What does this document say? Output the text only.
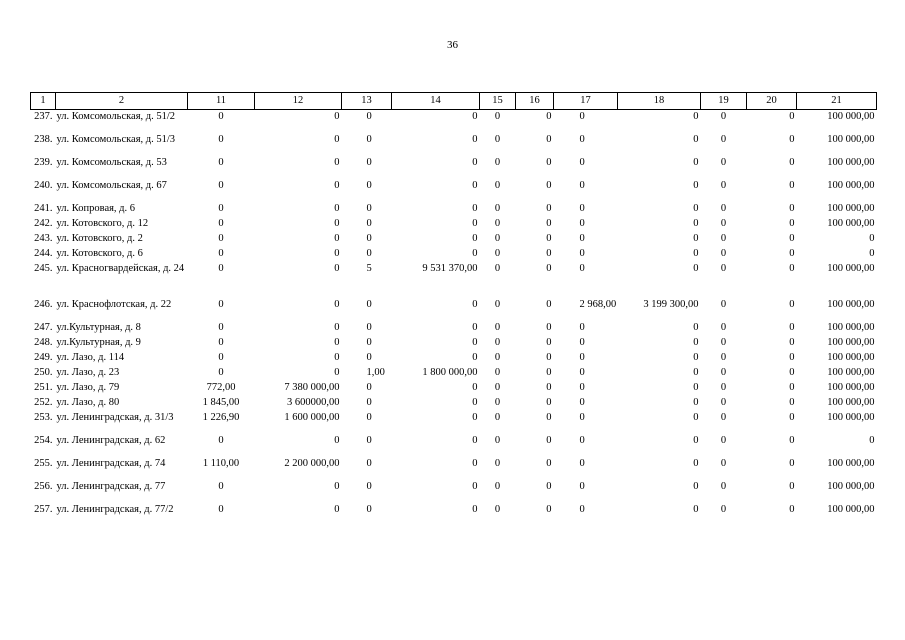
36
1	2	11	12	13	14	15	16	17	18	19	20	21
237.	ул. Комсомольская, д. 51/2	0	0	0	0	0	0	0	0	0	0	100 000,00
238.	ул. Комсомольская, д. 51/3	0	0	0	0	0	0	0	0	0	0	100 000,00
239.	ул. Комсомольская, д. 53	0	0	0	0	0	0	0	0	0	0	100 000,00
240.	ул. Комсомольская, д. 67	0	0	0	0	0	0	0	0	0	0	100 000,00
241.	ул. Копровая, д. 6	0	0	0	0	0	0	0	0	0	0	100 000,00
242.	ул. Котовского, д. 12	0	0	0	0	0	0	0	0	0	0	100 000,00
243.	ул. Котовского, д. 2	0	0	0	0	0	0	0	0	0	0	0
244.	ул. Котовского, д. 6	0	0	0	0	0	0	0	0	0	0	0
245.	ул. Красногвардейская, д. 24	0	0	5	9 531 370,00	0	0	0	0	0	0	100 000,00
246.	ул. Краснофлотская, д. 22	0	0	0	0	0	0	2 968,00	3 199 300,00	0	0	100 000,00
247.	ул.Культурная, д. 8	0	0	0	0	0	0	0	0	0	0	100 000,00
248.	ул.Культурная, д. 9	0	0	0	0	0	0	0	0	0	0	100 000,00
249.	ул. Лазо, д. 114	0	0	0	0	0	0	0	0	0	0	100 000,00
250.	ул. Лазо, д. 23	0	0	1,00	1 800 000,00	0	0	0	0	0	0	100 000,00
251.	ул. Лазо, д. 79	772,00	7 380 000,00	0	0	0	0	0	0	0	0	100 000,00
252.	ул. Лазо, д. 80	1 845,00	3 600000,00	0	0	0	0	0	0	0	0	100 000,00
253.	ул. Ленинградская, д. 31/3	1 226,90	1 600 000,00	0	0	0	0	0	0	0	0	100 000,00
254.	ул. Ленинградская, д. 62	0	0	0	0	0	0	0	0	0	0	0
255.	ул. Ленинградская, д. 74	1 110,00	2 200 000,00	0	0	0	0	0	0	0	0	100 000,00
256.	ул. Ленинградская, д. 77	0	0	0	0	0	0	0	0	0	0	100 000,00
257.	ул. Ленинградская, д. 77/2	0	0	0	0	0	0	0	0	0	0	100 000,00
